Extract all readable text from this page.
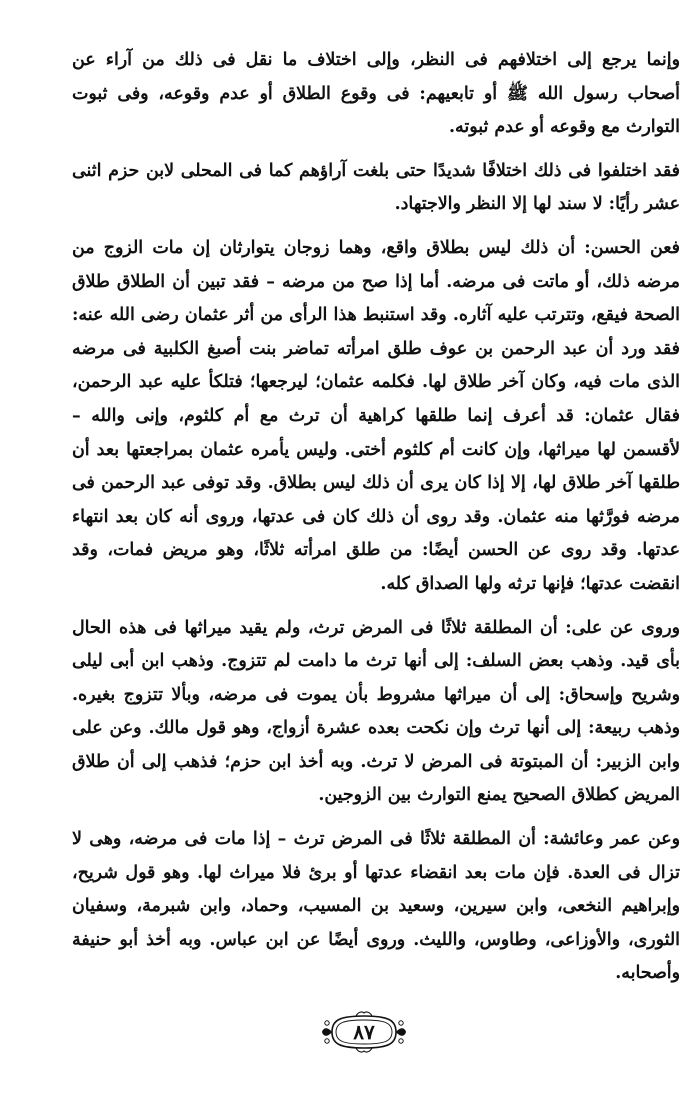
وإنما يرجع إلى اختلافهم فى النظر، وإلى اختلاف ما نقل فى ذلك من آراء عن أصحاب رسول الله ﷺ أو تابعيهم: فى وقوع الطلاق أو عدم وقوعه، وفى ثبوت التوارث مع وقوعه أو عدم ثبوته.

فقد اختلفوا فى ذلك اختلافًا شديدًا حتى بلغت آراؤهم كما فى المحلى لابن حزم اثنى عشر رأيًا: لا سند لها إلا النظر والاجتهاد.

فعن الحسن: أن ذلك ليس بطلاق واقع، وهما زوجان يتوارثان إن مات الزوج من مرضه ذلك، أو ماتت فى مرضه. أما إذا صح من مرضه – فقد تبين أن الطلاق طلاق الصحة فيقع، وتترتب عليه آثاره. وقد استنبط هذا الرأى من أثر عثمان رضى الله عنه: فقد ورد أن عبد الرحمن بن عوف طلق امرأته تماضر بنت أصبغ الكلبية فى مرضه الذى مات فيه، وكان آخر طلاق لها. فكلمه عثمان؛ ليرجعها؛ فتلكأ عليه عبد الرحمن، فقال عثمان: قد أعرف إنما طلقها كراهية أن ترث مع أم كلثوم، وإنى والله – لأقسمن لها ميراثها، وإن كانت أم كلثوم أختى. وليس يأمره عثمان بمراجعتها بعد أن طلقها آخر طلاق لها، إلا إذا كان يرى أن ذلك ليس بطلاق. وقد توفى عبد الرحمن فى مرضه فورَّثها منه عثمان. وقد روى أن ذلك كان فى عدتها، وروى أنه كان بعد انتهاء عدتها. وقد روى عن الحسن أيضًا: من طلق امرأته ثلاثًا، وهو مريض فمات، وقد انقضت عدتها؛ فإنها ترثه ولها الصداق كله.

وروى عن على: أن المطلقة ثلاثًا فى المرض ترث، ولم يقيد ميراثها فى هذه الحال بأى قيد. وذهب بعض السلف: إلى أنها ترث ما دامت لم تتزوج. وذهب ابن أبى ليلى وشريح وإسحاق: إلى أن ميراثها مشروط بأن يموت فى مرضه، وبألا تتزوج بغيره. وذهب ربيعة: إلى أنها ترث وإن نكحت بعده عشرة أزواج، وهو قول مالك. وعن على وابن الزبير: أن المبتوتة فى المرض لا ترث. وبه أخذ ابن حزم؛ فذهب إلى أن طلاق المريض كطلاق الصحيح يمنع التوارث بين الزوجين.

وعن عمر وعائشة: أن المطلقة ثلاثًا فى المرض ترث – إذا مات فى مرضه، وهى لا تزال فى العدة. فإن مات بعد انقضاء عدتها أو برئ فلا ميراث لها. وهو قول شريح، وإبراهيم النخعى، وابن سيرين، وسعيد بن المسيب، وحماد، وابن شبرمة، وسفيان الثورى، والأوزاعى، وطاوس، والليث. وروى أيضًا عن ابن عباس. وبه أخذ أبو حنيفة وأصحابه.

٨٧
